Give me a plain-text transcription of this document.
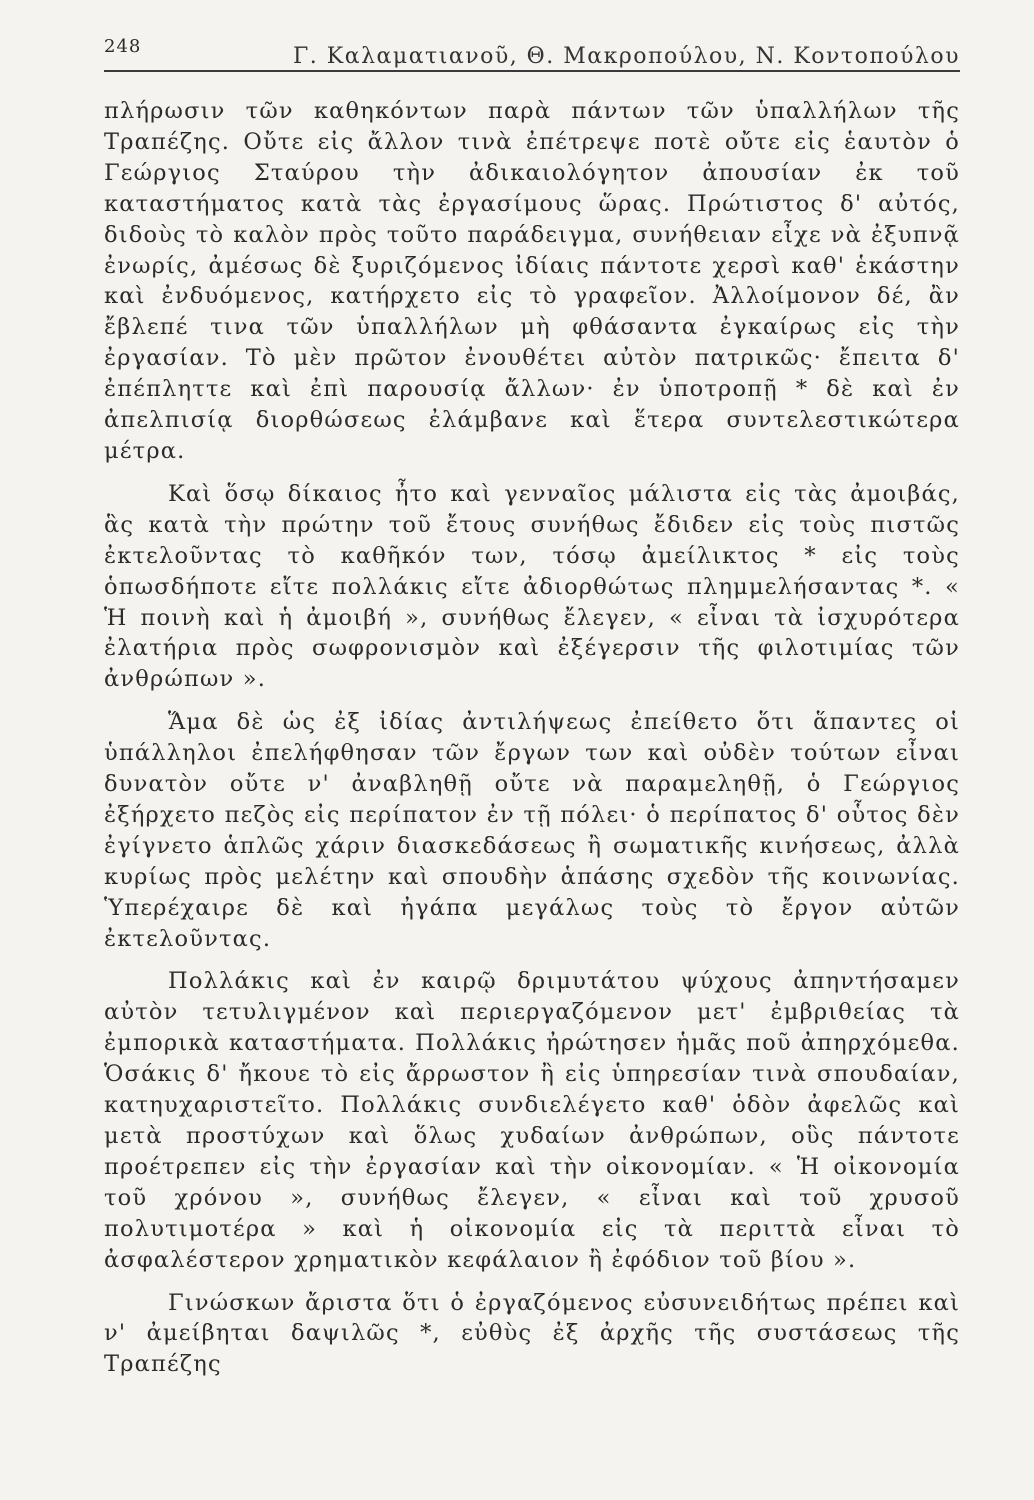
248	Γ. Καλαματιανοῦ, Θ. Μακροπούλου, Ν. Κοντοπούλου

πλήρωσιν τῶν καθηκόντων παρὰ πάντων τῶν ὑπαλλήλων τῆς Τραπέζης. Οὔτε εἰς ἄλλον τινὰ ἐπέτρεψε ποτὲ οὔτε εἰς ἑαυτὸν ὁ Γεώργιος Σταύρου τὴν ἀδικαιολόγητον ἀπουσίαν ἐκ τοῦ καταστήματος κατὰ τὰς ἐργασίμους ὥρας. Πρώτιστος δ' αὐτός, διδοὺς τὸ καλὸν πρὸς τοῦτο παράδειγμα, συνήθειαν εἶχε νὰ ἐξυπνᾷ ἐνωρίς, ἀμέσως δὲ ξυριζόμενος ἰδίαις πάντοτε χερσὶ καθ' ἑκάστην καὶ ἐνδυόμενος, κατήρχετο εἰς τὸ γραφεῖον. Ἀλλοίμονον δέ, ἂν ἔβλεπέ τινα τῶν ὑπαλλήλων μὴ φθάσαντα ἐγκαίρως εἰς τὴν ἐργασίαν. Τὸ μὲν πρῶτον ἐνουθέτει αὐτὸν πατρικῶς· ἔπειτα δ' ἐπέπληττε καὶ ἐπὶ παρουσίᾳ ἄλλων· ἐν ὑποτροπῇ * δὲ καὶ ἐν ἀπελπισίᾳ διορθώσεως ἐλάμβανε καὶ ἕτερα συντελεστικώτερα μέτρα.

Καὶ ὅσῳ δίκαιος ἦτο καὶ γενναῖος μάλιστα εἰς τὰς ἀμοιβάς, ἃς κατὰ τὴν πρώτην τοῦ ἔτους συνήθως ἔδιδεν εἰς τοὺς πιστῶς ἐκτελοῦντας τὸ καθῆκόν των, τόσῳ ἀμείλικτος * εἰς τοὺς ὁπωσδήποτε εἴτε πολλάκις εἴτε ἀδιορθώτως πλημμελήσαντας *. « Ἡ ποινὴ καὶ ἡ ἀμοιβή », συνήθως ἔλεγεν, « εἶναι τὰ ἰσχυρότερα ἐλατήρια πρὸς σωφρονισμὸν καὶ ἐξέγερσιν τῆς φιλοτιμίας τῶν ἀνθρώπων ».

Ἅμα δὲ ὡς ἐξ ἰδίας ἀντιλήψεως ἐπείθετο ὅτι ἅπαντες οἱ ὑπάλληλοι ἐπελήφθησαν τῶν ἔργων των καὶ οὐδὲν τούτων εἶναι δυνατὸν οὔτε ν' ἀναβληθῇ οὔτε νὰ παραμεληθῇ, ὁ Γεώργιος ἐξήρχετο πεζὸς εἰς περίπατον ἐν τῇ πόλει· ὁ περίπατος δ' οὗτος δὲν ἐγίγνετο ἁπλῶς χάριν διασκεδάσεως ἢ σωματικῆς κινήσεως, ἀλλὰ κυρίως πρὸς μελέτην καὶ σπουδὴν ἁπάσης σχεδὸν τῆς κοινωνίας. Ὑπερέχαιρε δὲ καὶ ἠγάπα μεγάλως τοὺς τὸ ἔργον αὐτῶν ἐκτελοῦντας.

Πολλάκις καὶ ἐν καιρῷ δριμυτάτου ψύχους ἀπηντήσαμεν αὐτὸν τετυλιγμένον καὶ περιεργαζόμενον μετ' ἐμβριθείας τὰ ἐμπορικὰ καταστήματα. Πολλάκις ἠρώτησεν ἡμᾶς ποῦ ἀπηρχόμεθα. Ὁσάκις δ' ἤκουε τὸ εἰς ἄρρωστον ἢ εἰς ὑπηρεσίαν τινὰ σπουδαίαν, κατηυχαριστεῖτο. Πολλάκις συνδιελέγετο καθ' ὁδὸν ἀφελῶς καὶ μετὰ προστύχων καὶ ὅλως χυδαίων ἀνθρώπων, οὓς πάντοτε προέτρεπεν εἰς τὴν ἐργασίαν καὶ τὴν οἰκονομίαν. « Ἡ οἰκονομία τοῦ χρόνου », συνήθως ἔλεγεν, « εἶναι καὶ τοῦ χρυσοῦ πολυτιμοτέρα » καὶ ἡ οἰκονομία εἰς τὰ περιττὰ εἶναι τὸ ἀσφαλέστερον χρηματικὸν κεφάλαιον ἢ ἐφόδιον τοῦ βίου ».

Γινώσκων ἄριστα ὅτι ὁ ἐργαζόμενος εὐσυνειδήτως πρέπει καὶ ν' ἀμείβηται δαψιλῶς *, εὐθὺς ἐξ ἀρχῆς τῆς συστάσεως τῆς Τραπέζης
